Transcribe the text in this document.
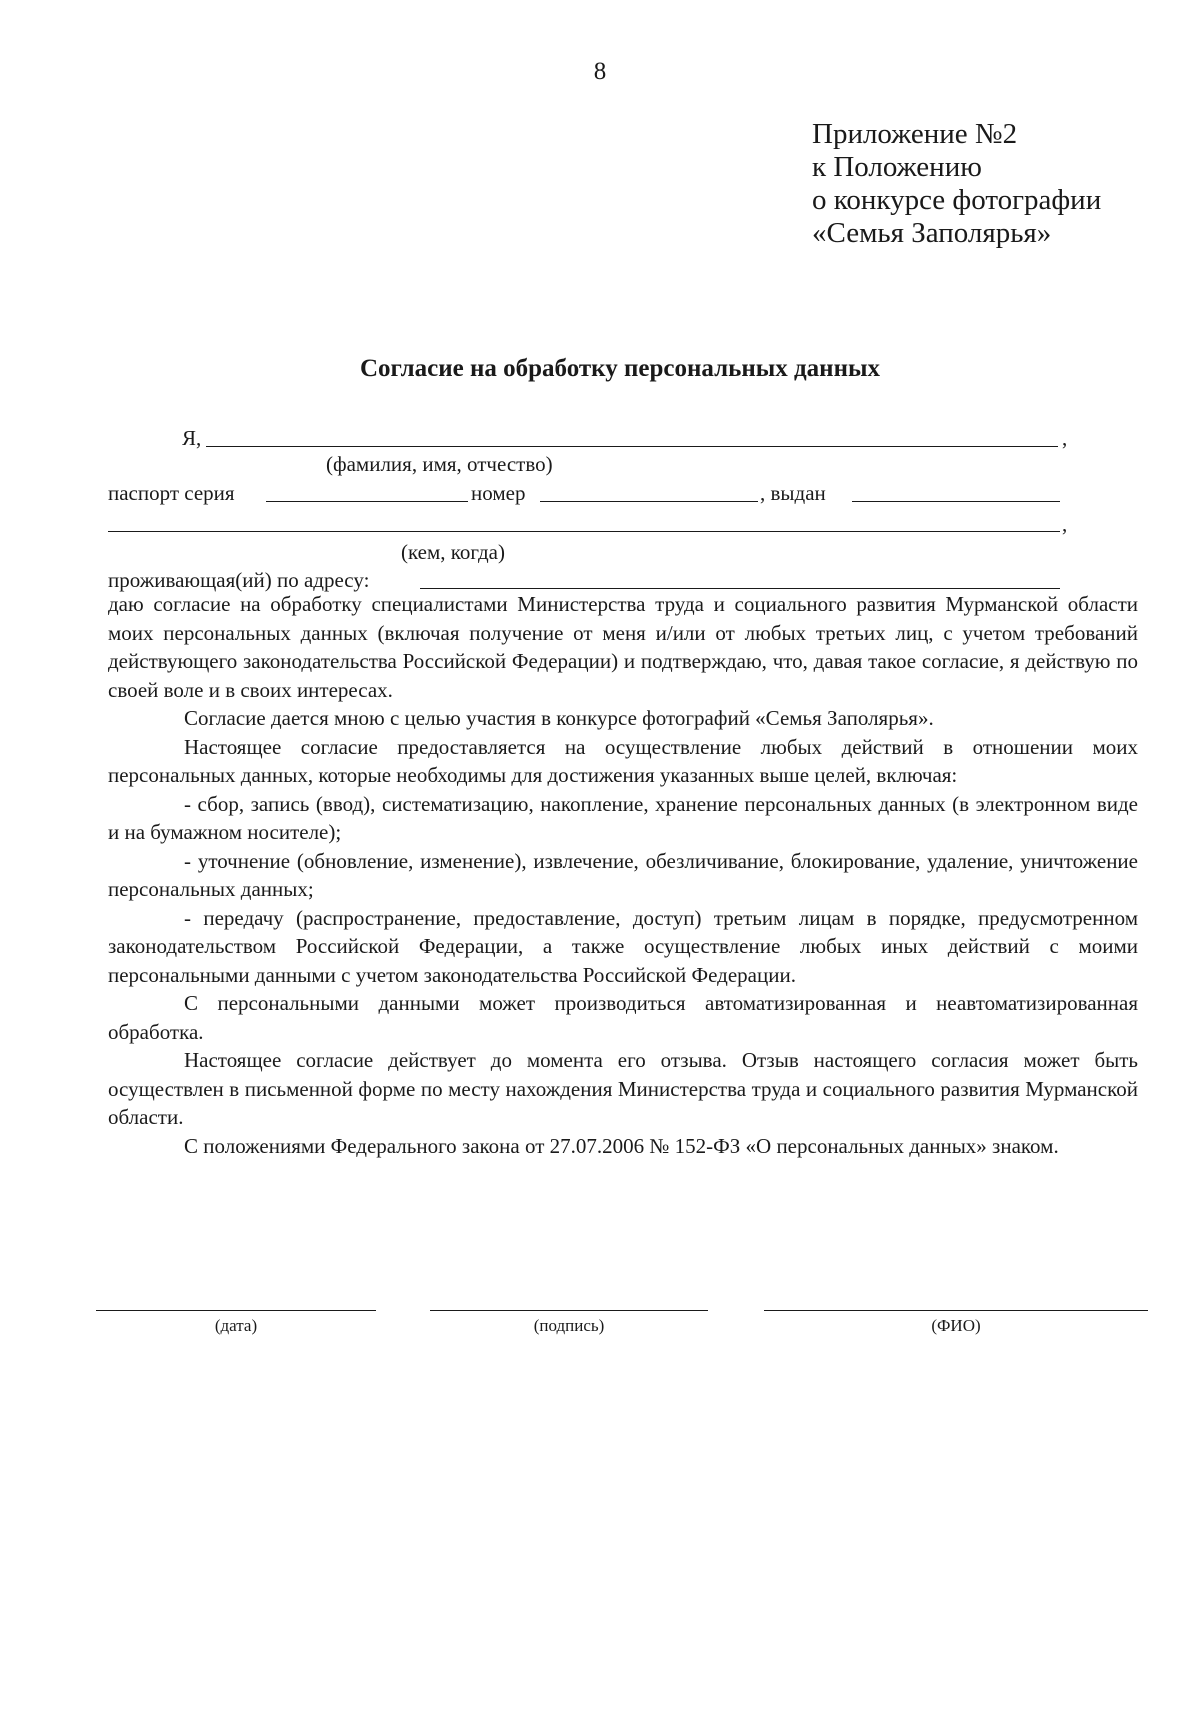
8
Приложение №2
к Положению
о конкурсе фотографии
«Семья Заполярья»
Согласие на обработку персональных данных
Я,	,
(фамилия, имя, отчество)
паспорт серия	номер	, выдан
,
(кем, когда)
проживающая(ий) по адресу:

даю согласие на обработку специалистами Министерства труда и социального развития Мурманской области моих персональных данных (включая получение от меня и/или от любых третьих лиц, с учетом требований действующего законодательства Российской Федерации) и подтверждаю, что, давая такое согласие, я действую по своей воле и в своих интересах.

Согласие дается мною с целью участия в конкурсе фотографий «Семья Заполярья».

Настоящее согласие предоставляется на осуществление любых действий в отношении моих персональных данных, которые необходимы для достижения указанных выше целей, включая:

- сбор, запись (ввод), систематизацию, накопление, хранение персональных данных (в электронном виде и на бумажном носителе);

- уточнение (обновление, изменение), извлечение, обезличивание, блокирование, удаление, уничтожение персональных данных;

- передачу (распространение, предоставление, доступ) третьим лицам в порядке, предусмотренном законодательством Российской Федерации, а также осуществление любых иных действий с моими персональными данными с учетом законодательства Российской Федерации.

С персональными данными может производиться автоматизированная и неавтоматизированная обработка.

Настоящее согласие действует до момента его отзыва. Отзыв настоящего согласия может быть осуществлен в письменной форме по месту нахождения Министерства труда и социального развития Мурманской области.

С положениями Федерального закона от 27.07.2006 № 152-ФЗ «О персональных данных» знаком.

(дата)	(подпись)	(ФИО)
